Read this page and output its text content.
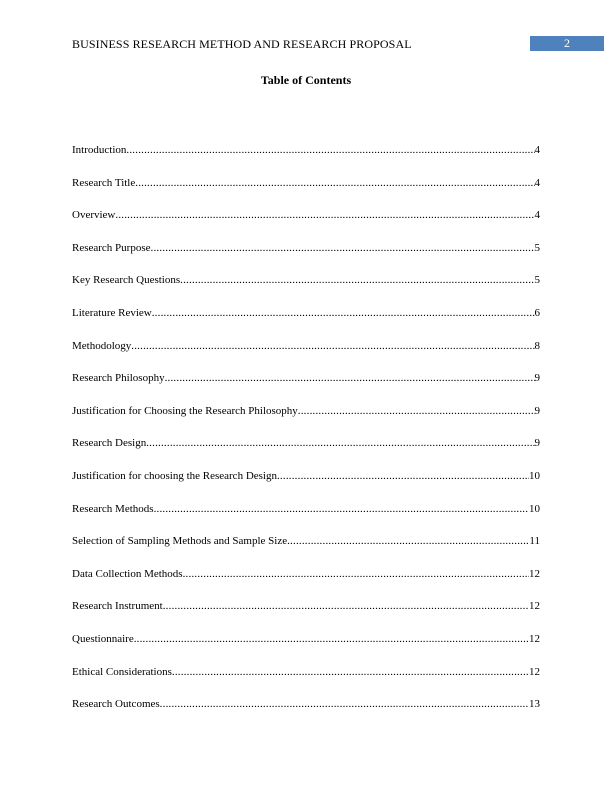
BUSINESS RESEARCH METHOD AND RESEARCH PROPOSAL	2
Table of Contents
Introduction .....	4
Research Title .....	4
Overview .....	4
Research Purpose .....	5
Key Research Questions .....	5
Literature Review .....	6
Methodology .....	8
Research Philosophy .....	9
Justification for Choosing the Research Philosophy .....	9
Research Design .....	9
Justification for choosing the Research Design .....	10
Research Methods .....	10
Selection of Sampling Methods and Sample Size .....	11
Data Collection Methods .....	12
Research Instrument .....	12
Questionnaire .....	12
Ethical Considerations .....	12
Research Outcomes .....	13
